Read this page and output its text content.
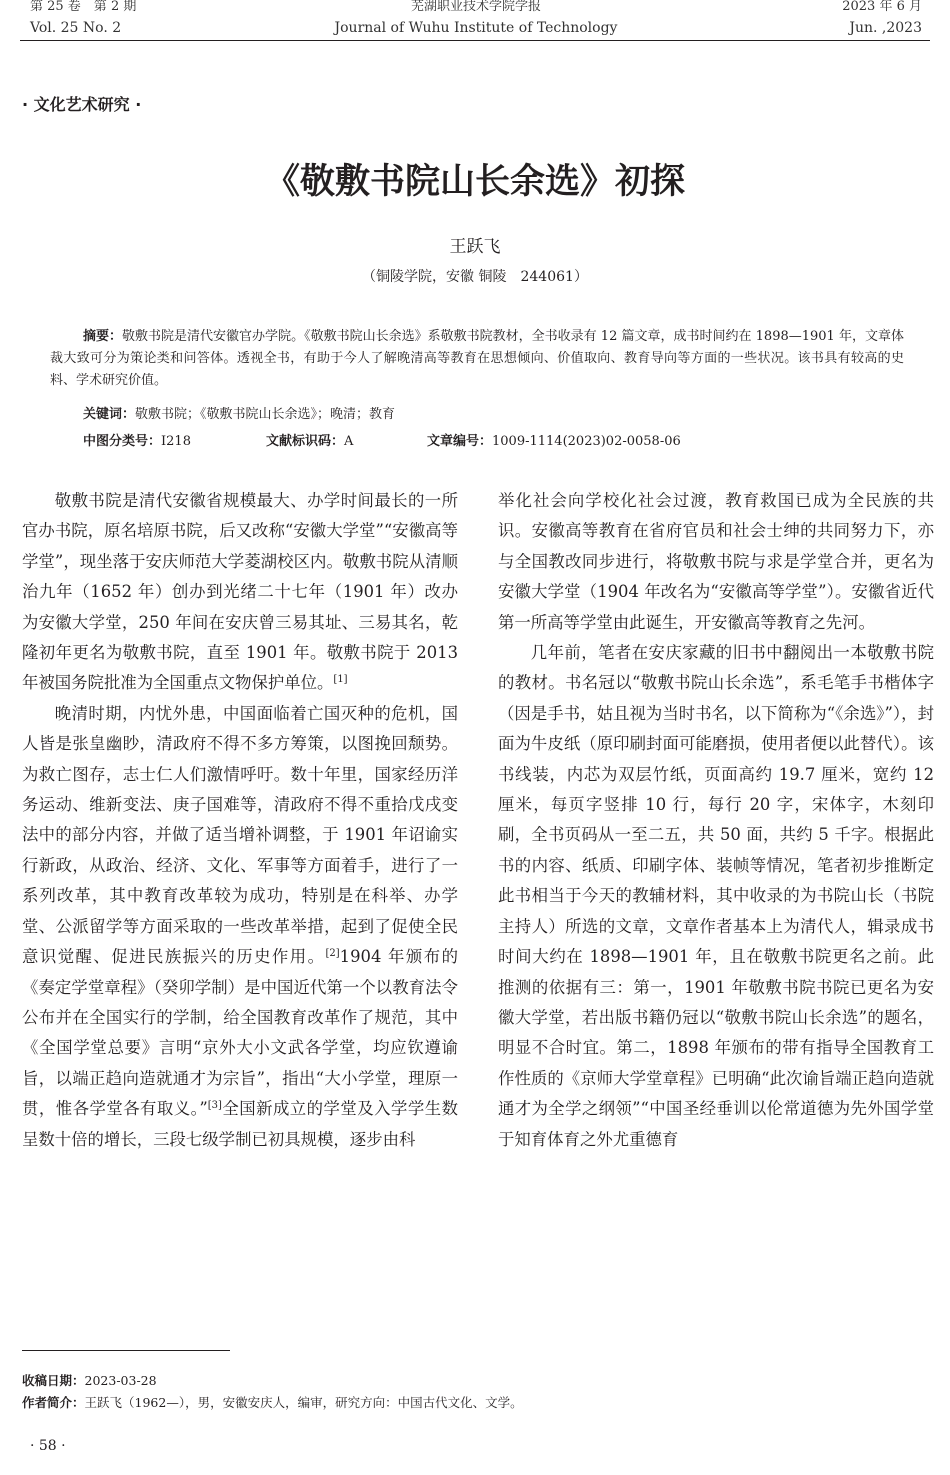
第 25 卷　第 2 期	芜湖职业技术学院学报	2023 年 6 月
Vol. 25 No. 2	Journal of Wuhu Institute of Technology	Jun. ,2023
· 文化艺术研究 ·
《敬敷书院山长余选》初探
王跃飞
（铜陵学院，安徽 铜陵　244061）

摘要：敬敷书院是清代安徽官办学院。《敬敷书院山长余选》系敬敷书院教材，全书收录有 12 篇文章，成书时间约在 1898—1901 年，文章体裁大致可分为策论类和问答体。透视全书，有助于今人了解晚清高等教育在思想倾向、价值取向、教育导向等方面的一些状况。该书具有较高的史料、学术研究价值。

关键词：敬敷书院；《敬敷书院山长余选》；晚清；教育
中图分类号：I218	文献标识码：A	文章编号：1009-1114(2023)02-0058-06

敬敷书院是清代安徽省规模最大、办学时间最长的一所官办书院，原名培原书院，后又改称“安徽大学堂”“安徽高等学堂”，现坐落于安庆师范大学菱湖校区内。敬敷书院从清顺治九年（1652 年）创办到光绪二十七年（1901 年）改办为安徽大学堂，250 年间在安庆曾三易其址、三易其名，乾隆初年更名为敬敷书院，直至 1901 年。敬敷书院于 2013 年被国务院批准为全国重点文物保护单位。[1]

晚清时期，内忧外患，中国面临着亡国灭种的危机，国人皆是张皇幽眇，清政府不得不多方筹策，以图挽回颓势。为救亡图存，志士仁人们激情呼吁。数十年里，国家经历洋务运动、维新变法、庚子国难等，清政府不得不重拾戊戌变法中的部分内容，并做了适当增补调整，于 1901 年诏谕实行新政，从政治、经济、文化、军事等方面着手，进行了一系列改革，其中教育改革较为成功，特别是在科举、办学堂、公派留学等方面采取的一些改革举措，起到了促使全民意识觉醒、促进民族振兴的历史作用。[2]1904 年颁布的《奏定学堂章程》（癸卯学制）是中国近代第一个以教育法令公布并在全国实行的学制，给全国教育改革作了规范，其中《全国学堂总要》言明“京外大小文武各学堂，均应钦遵谕旨，以端正趋向造就通才为宗旨”，指出“大小学堂，理原一贯，惟各学堂各有取义。”[3]全国新成立的学堂及入学学生数呈数十倍的增长，三段七级学制已初具规模，逐步由科

举化社会向学校化社会过渡，教育救国已成为全民族的共识。安徽高等教育在省府官员和社会士绅的共同努力下，亦与全国教改同步进行，将敬敷书院与求是学堂合并，更名为安徽大学堂（1904 年改名为“安徽高等学堂”）。安徽省近代第一所高等学堂由此诞生，开安徽高等教育之先河。

几年前，笔者在安庆家藏的旧书中翻阅出一本敬敷书院的教材。书名冠以“敬敷书院山长余选”，系毛笔手书楷体字（因是手书，姑且视为当时书名，以下简称为“《余选》”），封面为牛皮纸（原印刷封面可能磨损，使用者便以此替代）。该书线装，内芯为双层竹纸，页面高约 19.7 厘米，宽约 12 厘米，每页字竖排 10 行，每行 20 字，宋体字，木刻印刷，全书页码从一至二五，共 50 面，共约 5 千字。根据此书的内容、纸质、印刷字体、装帧等情况，笔者初步推断定此书相当于今天的教辅材料，其中收录的为书院山长（书院主持人）所选的文章，文章作者基本上为清代人，辑录成书时间大约在 1898—1901 年，且在敬敷书院更名之前。此推测的依据有三：第一，1901 年敬敷书院书院已更名为安徽大学堂，若出版书籍仍冠以“敬敷书院山长余选”的题名，明显不合时宜。第二，1898 年颁布的带有指导全国教育工作性质的《京师大学堂章程》已明确“此次谕旨端正趋向造就通才为全学之纲领”“中国圣经垂训以伦常道德为先外国学堂于知育体育之外尤重德育

收稿日期：2023-03-28
作者简介：王跃飞（1962—），男，安徽安庆人，编审，研究方向：中国古代文化、文学。
· 58 ·
